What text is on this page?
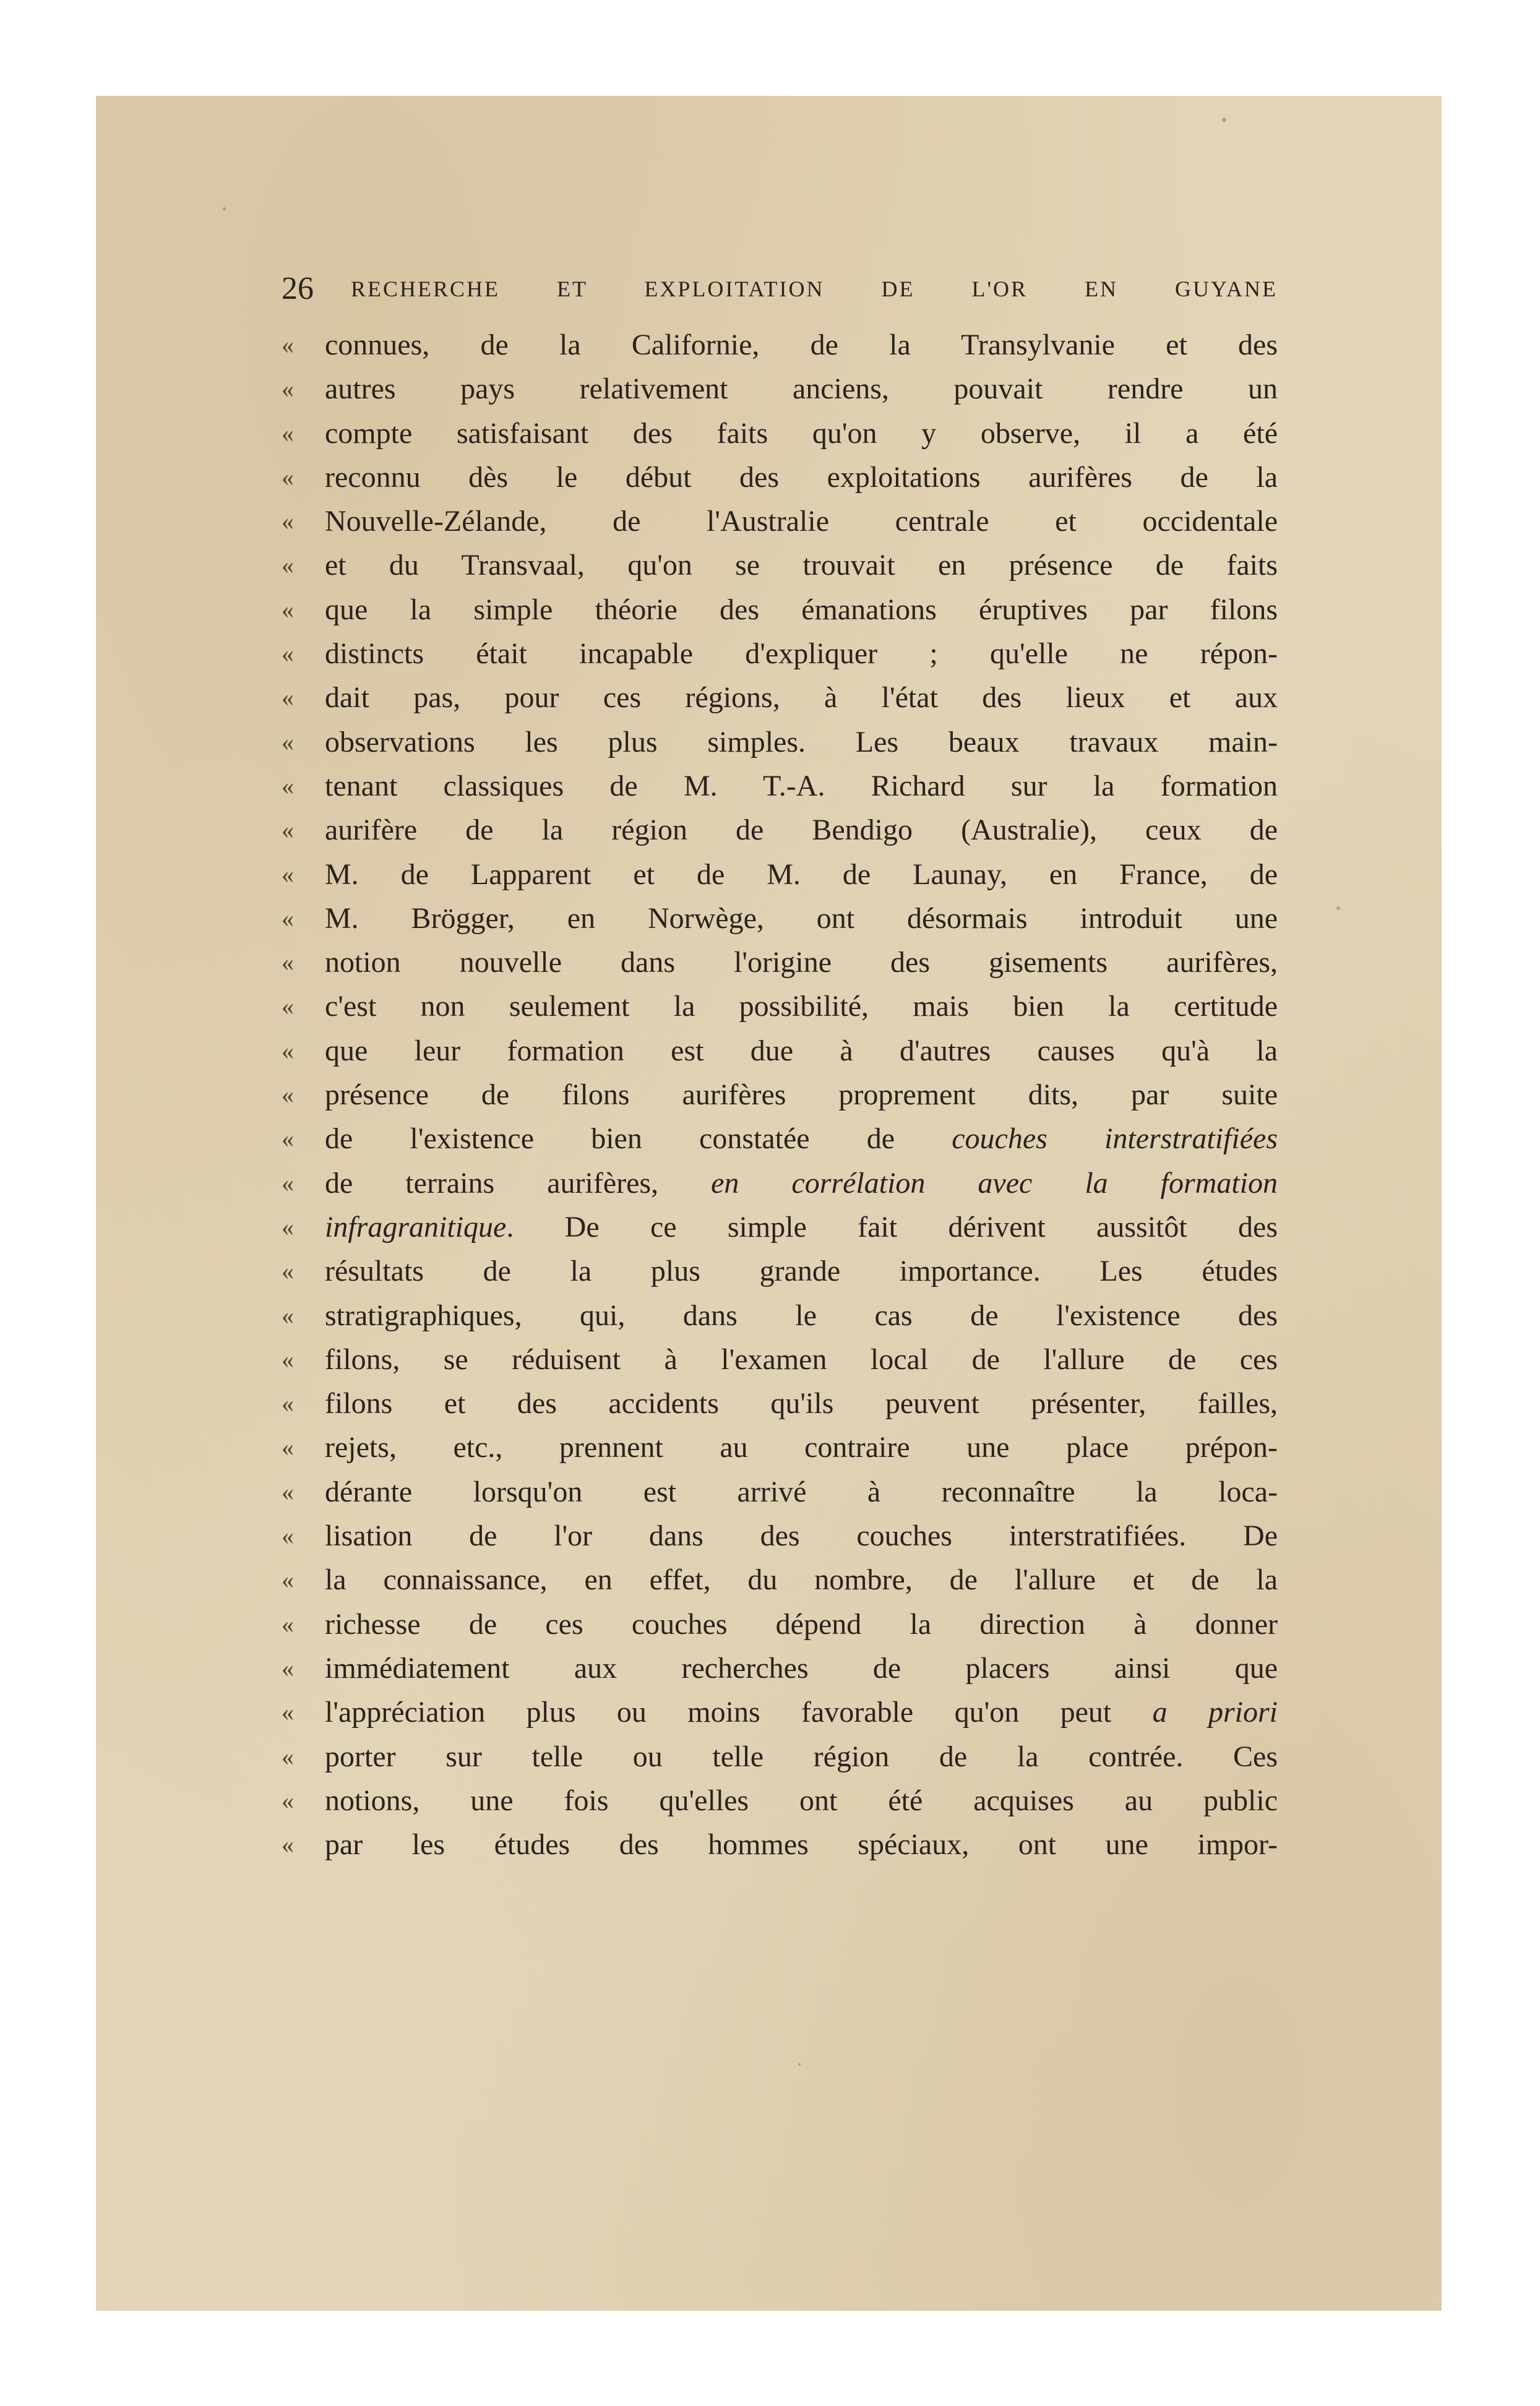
26 RECHERCHE ET EXPLOITATION DE L'OR EN GUYANE
«	connues, de la Californie, de la Transylvanie et des
«	autres pays relativement anciens, pouvait rendre un
«	compte satisfaisant des faits qu'on y observe, il a été
«	reconnu dès le début des exploitations aurifères de la
«	Nouvelle-Zélande, de l'Australie centrale et occidentale
«	et du Transvaal, qu'on se trouvait en présence de faits
«	que la simple théorie des émanations éruptives par filons
«	distincts était incapable d'expliquer ; qu'elle ne répon-
«	dait pas, pour ces régions, à l'état des lieux et aux
«	observations les plus simples. Les beaux travaux main-
«	tenant classiques de M. T.-A. Richard sur la formation
«	aurifère de la région de Bendigo (Australie), ceux de
«	M. de Lapparent et de M. de Launay, en France, de
«	M. Brögger, en Norwège, ont désormais introduit une
«	notion nouvelle dans l'origine des gisements aurifères,
«	c'est non seulement la possibilité, mais bien la certitude
«	que leur formation est due à d'autres causes qu'à la
«	présence de filons aurifères proprement dits, par suite
«	de l'existence bien constatée de couches interstratifiées
«	de terrains aurifères, en corrélation avec la formation
«	infragranitique. De ce simple fait dérivent aussitôt des
«	résultats de la plus grande importance. Les études
«	stratigraphiques, qui, dans le cas de l'existence des
«	filons, se réduisent à l'examen local de l'allure de ces
«	filons et des accidents qu'ils peuvent présenter, failles,
«	rejets, etc., prennent au contraire une place prépon-
«	dérante lorsqu'on est arrivé à reconnaître la loca-
«	lisation de l'or dans des couches interstratifiées. De
«	la connaissance, en effet, du nombre, de l'allure et de la
«	richesse de ces couches dépend la direction à donner
«	immédiatement aux recherches de placers ainsi que
«	l'appréciation plus ou moins favorable qu'on peut a priori
«	porter sur telle ou telle région de la contrée. Ces
«	notions, une fois qu'elles ont été acquises au public
«	par les études des hommes spéciaux, ont une impor-
